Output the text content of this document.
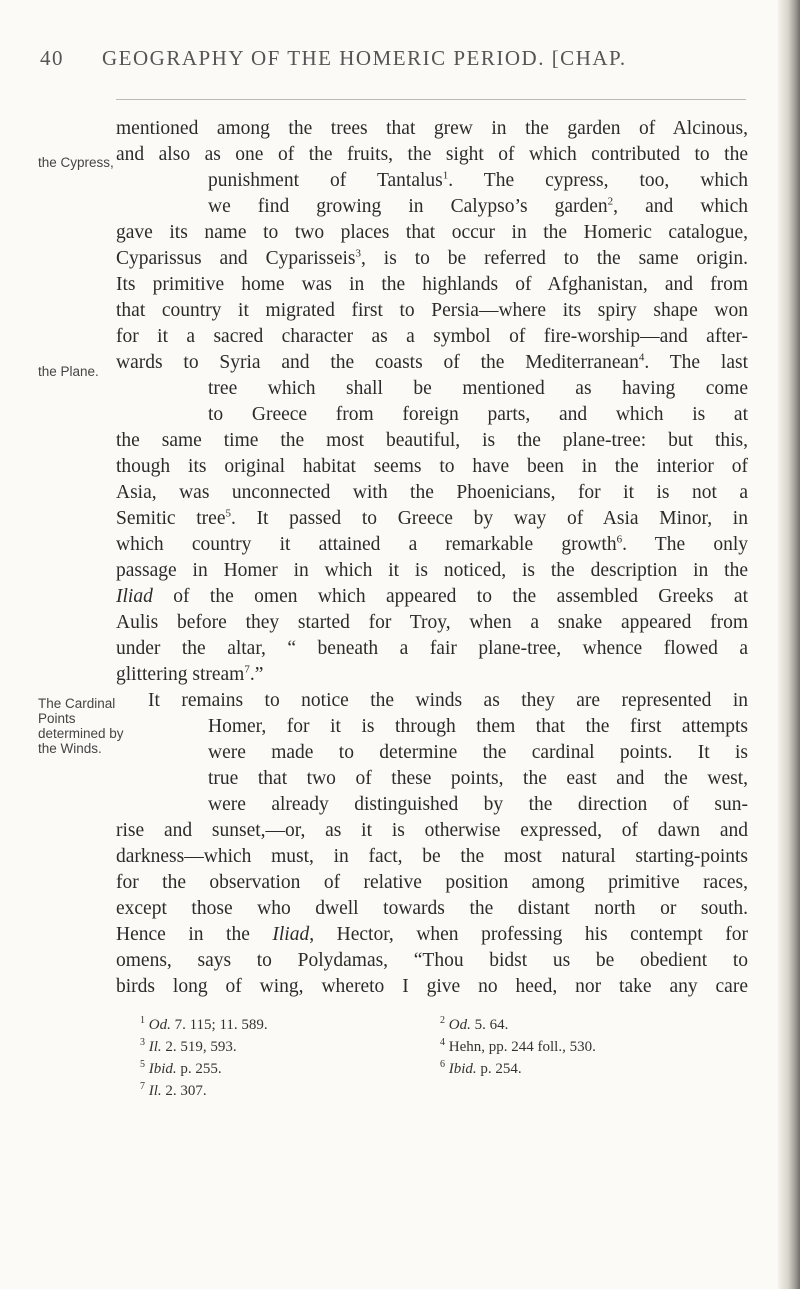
40 GEOGRAPHY OF THE HOMERIC PERIOD. [CHAP.
the Cypress,
the Plane.
The Cardinal Points determined by the Winds.
mentioned among the trees that grew in the garden of Alcinous,
and also as one of the fruits, the sight of which contributed to the
punishment of Tantalus$^1$. The cypress, too, which
we find growing in Calypso’s garden$^2$, and which
gave its name to two places that occur in the Homeric catalogue,
Cyparissus and Cyparisseis$^3$, is to be referred to the same origin.
Its primitive home was in the highlands of Afghanistan, and from
that country it migrated first to Persia—where its spiry shape won
for it a sacred character as a symbol of fire-worship—and after-
wards to Syria and the coasts of the Mediterranean$^4$. The last
tree which shall be mentioned as having come
to Greece from foreign parts, and which is at
the same time the most beautiful, is the plane-tree: but this,
though its original habitat seems to have been in the interior of
Asia, was unconnected with the Phoenicians, for it is not a
Semitic tree$^5$. It passed to Greece by way of Asia Minor, in
which country it attained a remarkable growth$^6$. The only
passage in Homer in which it is noticed, is the description in the
Iliad of the omen which appeared to the assembled Greeks at
Aulis before they started for Troy, when a snake appeared from
under the altar, “ beneath a fair plane-tree, whence flowed a
glittering stream$^7$.”
It remains to notice the winds as they are represented in
Homer, for it is through them that the first attempts
were made to determine the cardinal points. It is
true that two of these points, the east and the west,
were already distinguished by the direction of sun-
rise and sunset,—or, as it is otherwise expressed, of dawn and
darkness—which must, in fact, be the most natural starting-points
for the observation of relative position among primitive races,
except those who dwell towards the distant north or south.
Hence in the Iliad, Hector, when professing his contempt for
omens, says to Polydamas, “Thou bidst us be obedient to
birds long of wing, whereto I give no heed, nor take any care
$^1$ Od. 7. 115; 11. 589.	$^2$ Od. 5. 64.
$^3$ Il. 2. 519, 593.	$^4$ Hehn, pp. 244 foll., 530.
$^5$ Ibid. p. 255.	$^6$ Ibid. p. 254.
$^7$ Il. 2. 307.
